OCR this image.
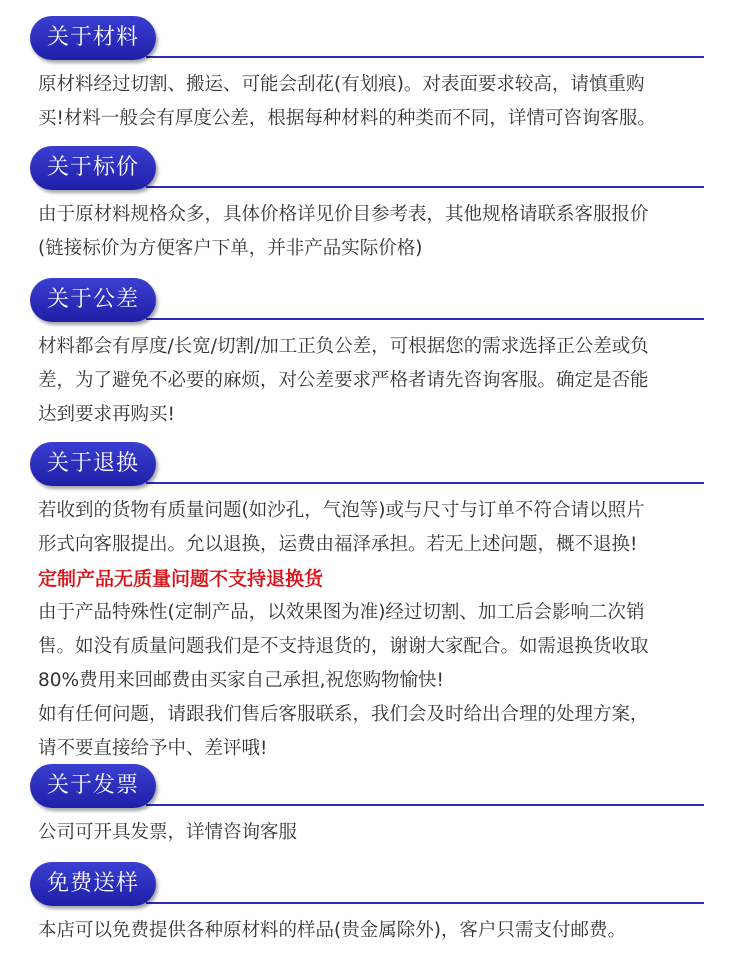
关于材料

原材料经过切割、搬运、可能会刮花(有划痕)。对表面要求较高，请慎重购

买!材料一般会有厚度公差，根据每种材料的种类而不同，详情可咨询客服。

关于标价

由于原材料规格众多，具体价格详见价目参考表，其他规格请联系客服报价

(链接标价为方便客户下单，并非产品实际价格)

关于公差

材料都会有厚度/长宽/切割/加工正负公差，可根据您的需求选择正公差或负

差，为了避免不必要的麻烦，对公差要求严格者请先咨询客服。确定是否能

达到要求再购买!

关于退换

若收到的货物有质量问题(如沙孔，气泡等)或与尺寸与订单不符合请以照片

形式向客服提出。允以退换，运费由福泽承担。若无上述问题，概不退换!

定制产品无质量问题不支持退换货

由于产品特殊性(定制产品，以效果图为准)经过切割、加工后会影响二次销

售。如没有质量问题我们是不支持退货的，谢谢大家配合。如需退换货收取

80%费用来回邮费由买家自己承担,祝您购物愉快!

如有任何问题，请跟我们售后客服联系，我们会及时给出合理的处理方案，

请不要直接给予中、差评哦!

关于发票

公司可开具发票，详情咨询客服

免费送样

本店可以免费提供各种原材料的样品(贵金属除外)，客户只需支付邮费。
